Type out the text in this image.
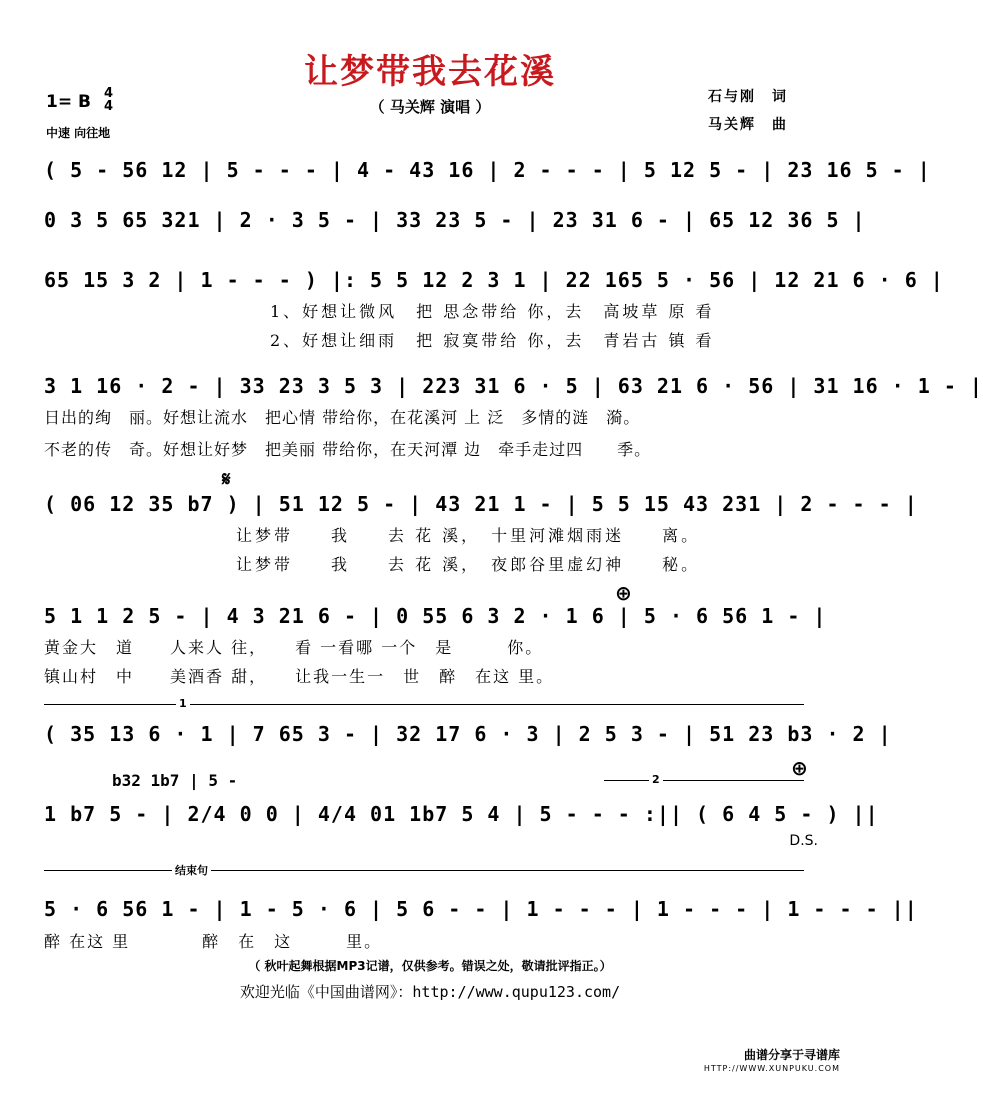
让梦带我去花溪
（ 马关辉 演唱 ）
1= B 4
4
中速 向往地
石与刚　词
马关辉　曲
( 5 - 56 12 | 5 - - - | 4 - 43 16 | 2 - - - | 5 12 5 - | 23 16 5 - |
0 3 5 65 321 | 2 · 3 5 - | 33 23 5 - | 23 31 6 - | 65 12 36 5 |
65 15 3 2 | 1 - - - ) |: 5 5 12 2 3 1 | 22 165 5 · 56 | 12 21 6 · 6 |
1、好想让微风　把 思念带给 你，去　高坡草 原 看
2、好想让细雨　把 寂寞带给 你，去　青岩古 镇 看
3 1 16 · 2 - | 33 23 3 5 3 | 223 31 6 · 5 | 63 21 6 · 56 | 31 16 · 1 - |
日出的绚　丽。好想让流水　把心情 带给你，在花溪河 上 泛　多情的涟　漪。
不老的传　奇。好想让好梦　把美丽 带给你，在天河潭 边　牵手走过四　　季。
𝄋
( 06 12 35 b7 ) | 51 12 5 - | 43 21 1 - | 5 5 15 43 231 | 2 - - - |
让梦带　　我　　去 花 溪，　十里河滩烟雨迷　　离。
让梦带　　我　　去 花 溪，　夜郎谷里虚幻神　　秘。
⊕
5 1 1 2 5 - | 4 3 21 6 - | 0 55 6 3 2 · 1 6 | 5 · 6 56 1 - |
黄金大　道　　人来人 往，　　看 一看哪 一个　是　　　你。
镇山村　中　　美酒香 甜，　　让我一生一　世　醉　在这 里。
1
( 35 13 6 · 1 | 7 65 3 - | 32 17 6 · 3 | 2 5 3 - | 51 23 b3 · 2 |
b32 1b7 | 5 -	2	⊕
1 b7 5 - | 2/4 0 0 | 4/4 01 1b7 5 4 | 5 - - - :|| ( 6 4 5 - ) ||
D.S.
结束句
5 · 6 56 1 - | 1 - 5 · 6 | 5 6 - - | 1 - - - | 1 - - - | 1 - - - ||
醉 在这 里　　　　醉　在　这　　　里。
（ 秋叶起舞根据MP3记谱，仅供参考。错误之处，敬请批评指正。）
欢迎光临《中国曲谱网》：http://www.qupu123.com/
曲谱分享于寻谱库
HTTP://WWW.XUNPUKU.COM
